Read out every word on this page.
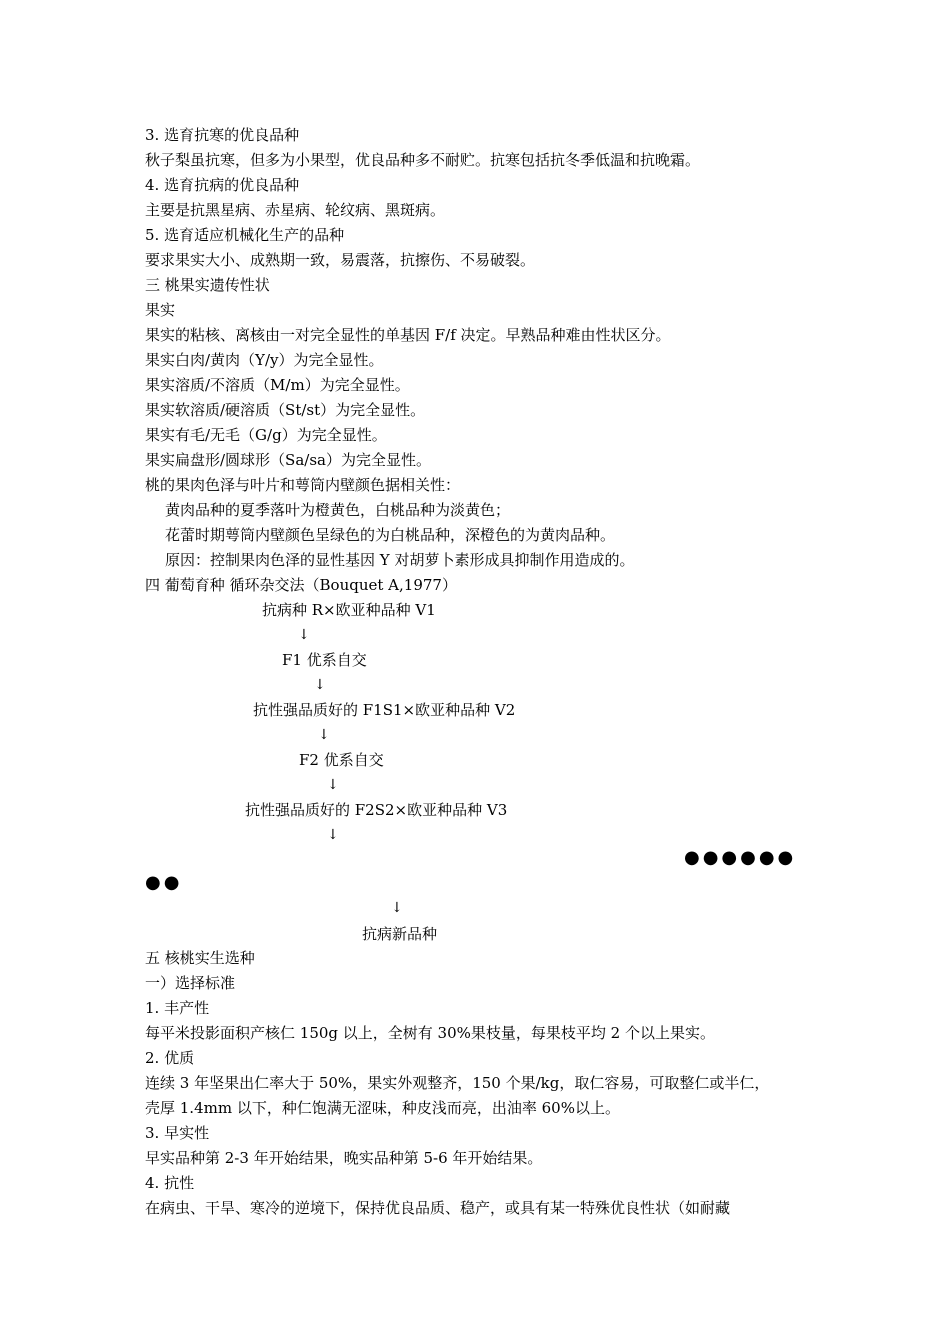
3. 选育抗寒的优良品种
秋子梨虽抗寒，但多为小果型，优良品种多不耐贮。抗寒包括抗冬季低温和抗晚霜。
4. 选育抗病的优良品种
主要是抗黑星病、赤星病、轮纹病、黑斑病。
5. 选育适应机械化生产的品种
要求果实大小、成熟期一致，易震落，抗擦伤、不易破裂。
三 桃果实遗传性状
果实
果实的粘核、离核由一对完全显性的单基因 F/f 决定。早熟品种难由性状区分。
果实白肉/黄肉（Y/y）为完全显性。
果实溶质/不溶质（M/m）为完全显性。
果实软溶质/硬溶质（St/st）为完全显性。
果实有毛/无毛（G/g）为完全显性。
果实扁盘形/圆球形（Sa/sa）为完全显性。
桃的果肉色泽与叶片和萼筒内壁颜色据相关性：
黄肉品种的夏季落叶为橙黄色，白桃品种为淡黄色；
花蕾时期萼筒内壁颜色呈绿色的为白桃品种，深橙色的为黄肉品种。
原因：控制果肉色泽的显性基因 Y 对胡萝卜素形成具抑制作用造成的。
四 葡萄育种 循环杂交法（Bouquet A,1977）
抗病种 R×欧亚种品种 V1
↓
F1 优系自交
↓
抗性强品质好的 F1S1×欧亚种品种 V2
↓
F2 优系自交
↓
抗性强品质好的 F2S2×欧亚种品种 V3
↓
●●●●●●
●●
↓
抗病新品种
五 核桃实生选种
一）选择标准
1. 丰产性
每平米投影面积产核仁 150g 以上，全树有 30%果枝量，每果枝平均 2 个以上果实。
2. 优质
连续 3 年坚果出仁率大于 50%，果实外观整齐，150 个果/kg，取仁容易，可取整仁或半仁，
壳厚 1.4mm 以下，种仁饱满无涩味，种皮浅而亮，出油率 60%以上。
3. 早实性
早实品种第 2-3 年开始结果，晚实品种第 5-6 年开始结果。
4. 抗性
在病虫、干旱、寒冷的逆境下，保持优良品质、稳产，或具有某一特殊优良性状（如耐藏
